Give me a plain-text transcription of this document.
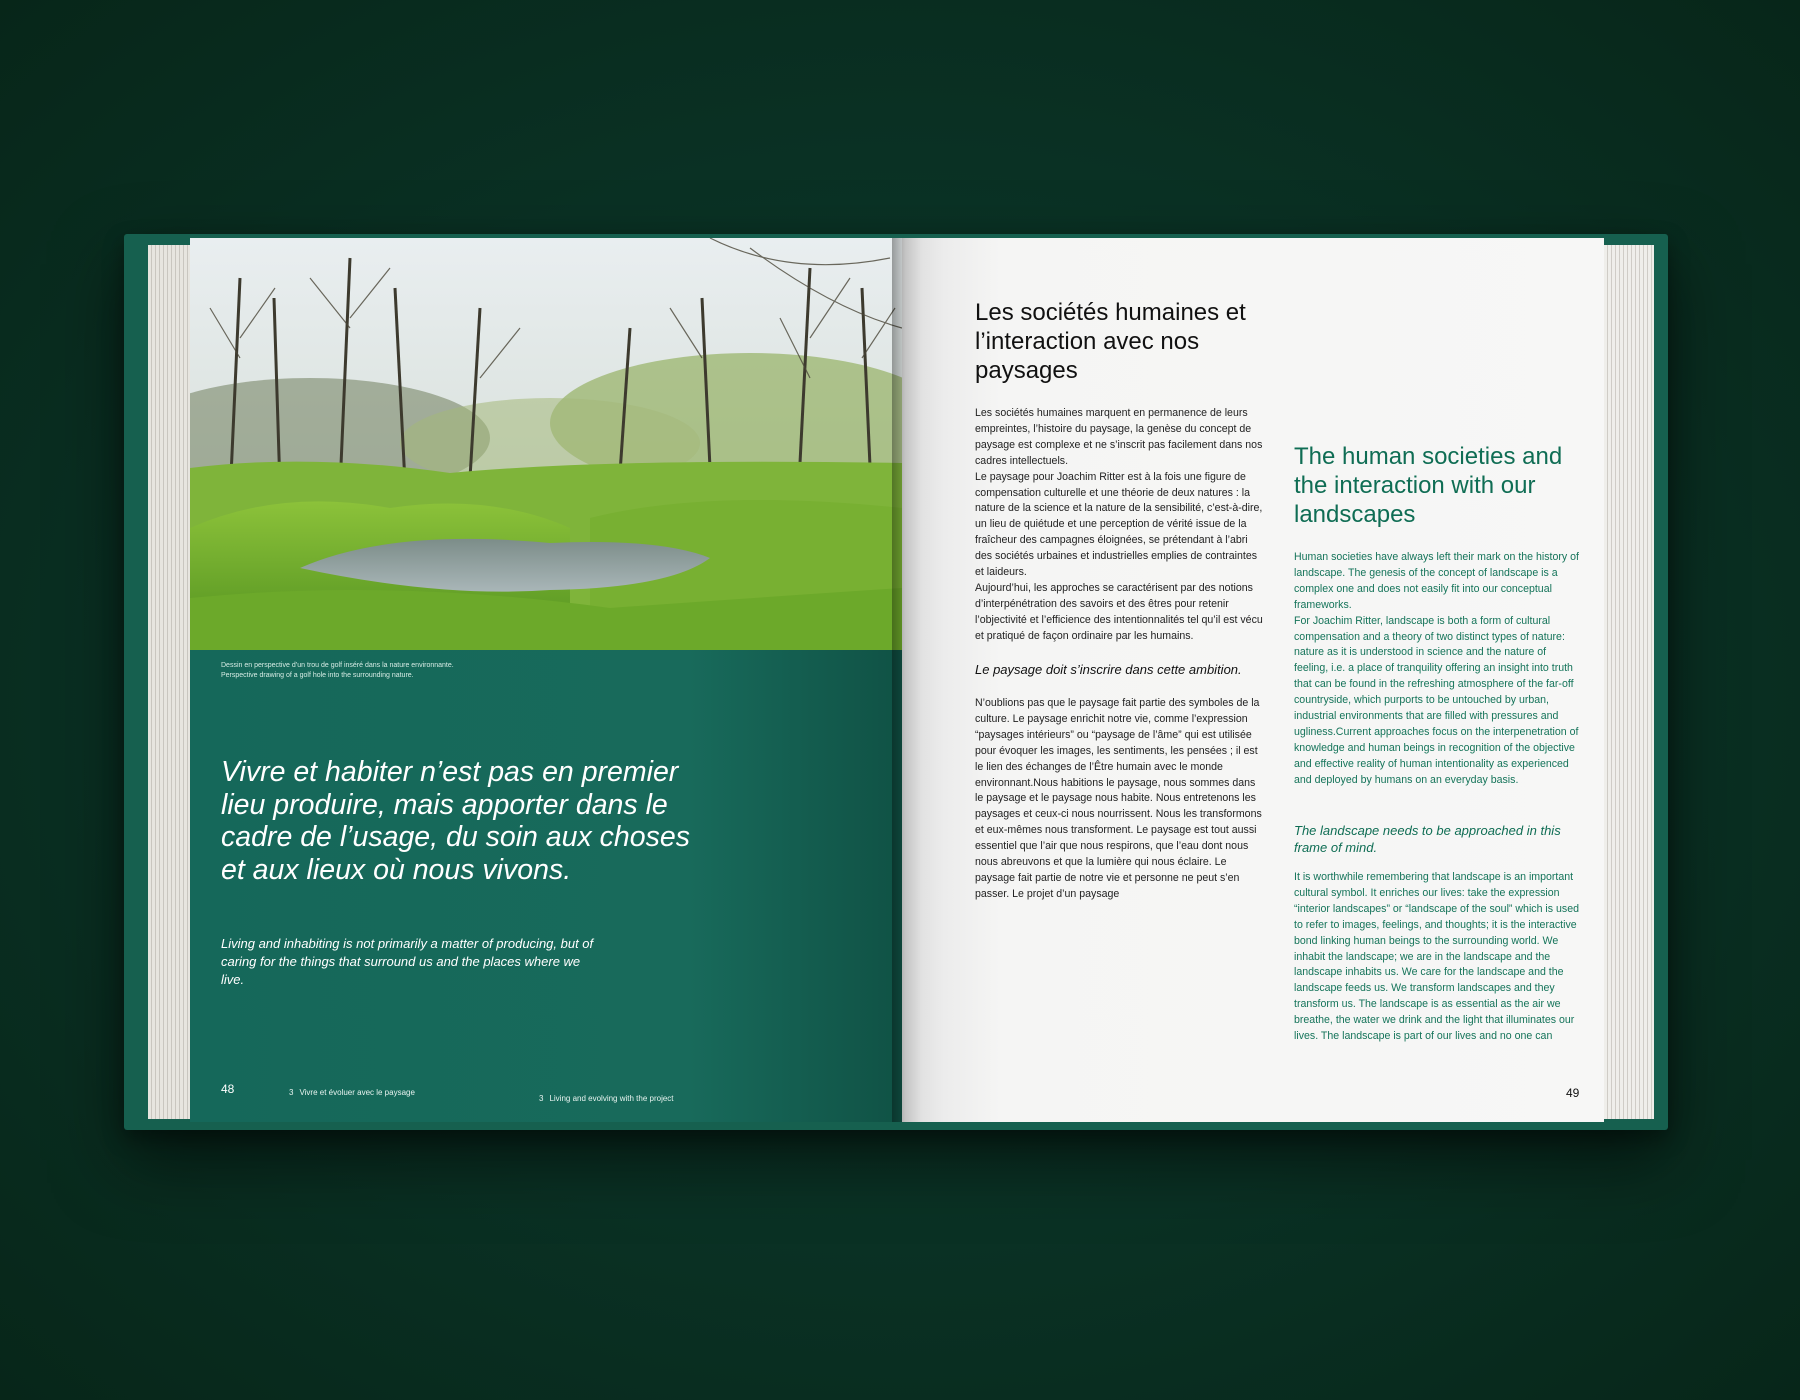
Dessin en perspective d’un trou de golf inséré dans la nature environnante.
Perspective drawing of a golf hole into the surrounding nature.
Vivre et habiter n’est pas en premier lieu produire, mais apporter dans le cadre de l’usage, du soin aux choses et aux lieux où nous vivons.
Living and inhabiting is not primarily a matter of producing, but of caring for the things that surround us and the places where we live.
48	3 Vivre et évoluer avec le paysage
3 Living and evolving with the project
Les sociétés humaines et l’interaction avec nos paysages

Les sociétés humaines marquent en permanence de leurs empreintes, l’histoire du paysage, la genèse du concept de paysage est complexe et ne s’inscrit pas facilement dans nos cadres intellectuels.

Le paysage pour Joachim Ritter est à la fois une figure de compensation culturelle et une théorie de deux natures : la nature de la science et la nature de la sensibilité, c’est-à-dire, un lieu de quiétude et une perception de vérité issue de la fraîcheur des campagnes éloignées, se prétendant à l’abri des sociétés urbaines et industrielles emplies de contraintes et laideurs.

Aujourd’hui, les approches se caractérisent par des notions d’interpénétration des savoirs et des êtres pour retenir l’objectivité et l’efficience des intentionnalités tel qu’il est vécu et pratiqué de façon ordinaire par les humains.

Le paysage doit s’inscrire dans cette ambition.
N’oublions pas que le paysage fait partie des symboles de la culture. Le paysage enrichit notre vie, comme l’expression “paysages intérieurs” ou “paysage de l’âme” qui est utilisée pour évoquer les images, les sentiments, les pensées ; il est le lien des échanges de l’Être humain avec le monde environnant.Nous habitions le paysage, nous sommes dans le paysage et le paysage nous habite. Nous entretenons les paysages et ceux-ci nous nourrissent. Nous les transformons et eux-mêmes nous transforment. Le paysage est tout aussi essentiel que l’air que nous respirons, que l’eau dont nous nous abreuvons et que la lumière qui nous éclaire. Le paysage fait partie de notre vie et personne ne peut s’en passer. Le projet d’un paysage
The human societies and the interaction with our landscapes

Human societies have always left their mark on the history of landscape. The genesis of the concept of landscape is a complex one and does not easily fit into our conceptual frameworks.

For Joachim Ritter, landscape is both a form of cultural compensation and a theory of two distinct types of nature: nature as it is understood in science and the nature of feeling, i.e. a place of tranquility offering an insight into truth that can be found in the refreshing atmosphere of the far-off countryside, which purports to be untouched by urban, industrial environments that are filled with pressures and ugliness.Current approaches focus on the interpenetration of knowledge and human beings in recognition of the objective and effective reality of human intentionality as experienced and deployed by humans on an everyday basis.

The landscape needs to be approached in this frame of mind.
It is worthwhile remembering that landscape is an important cultural symbol. It enriches our lives: take the expression “interior landscapes” or “landscape of the soul” which is used to refer to images, feelings, and thoughts; it is the interactive bond linking human beings to the surrounding world. We inhabit the landscape; we are in the landscape and the landscape inhabits us. We care for the landscape and the landscape feeds us. We transform landscapes and they transform us. The landscape is as essential as the air we breathe, the water we drink and the light that illuminates our lives. The landscape is part of our lives and no one can
49
